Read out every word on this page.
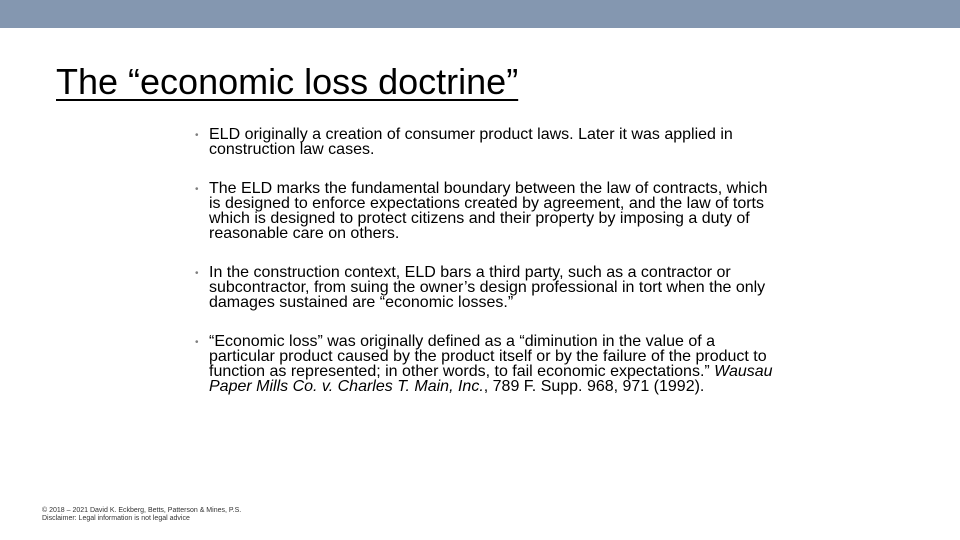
The “economic loss doctrine”
• ELD originally a creation of consumer product laws. Later it was applied in construction law cases.
• The ELD marks the fundamental boundary between the law of contracts, which is designed to enforce expectations created by agreement, and the law of torts which is designed to protect citizens and their property by imposing a duty of reasonable care on others.
• In the construction context, ELD bars a third party, such as a contractor or subcontractor, from suing the owner’s design professional in tort when the only damages sustained are “economic losses.”
• “Economic loss” was originally defined as a “diminution in the value of a particular product caused by the product itself or by the failure of the product to function as represented; in other words, to fail economic expectations.” Wausau Paper Mills Co. v. Charles T. Main, Inc., 789 F. Supp. 968, 971 (1992).
© 2018 – 2021 David K. Eckberg, Betts, Patterson & Mines, P.S.
Disclaimer: Legal information is not legal advice
